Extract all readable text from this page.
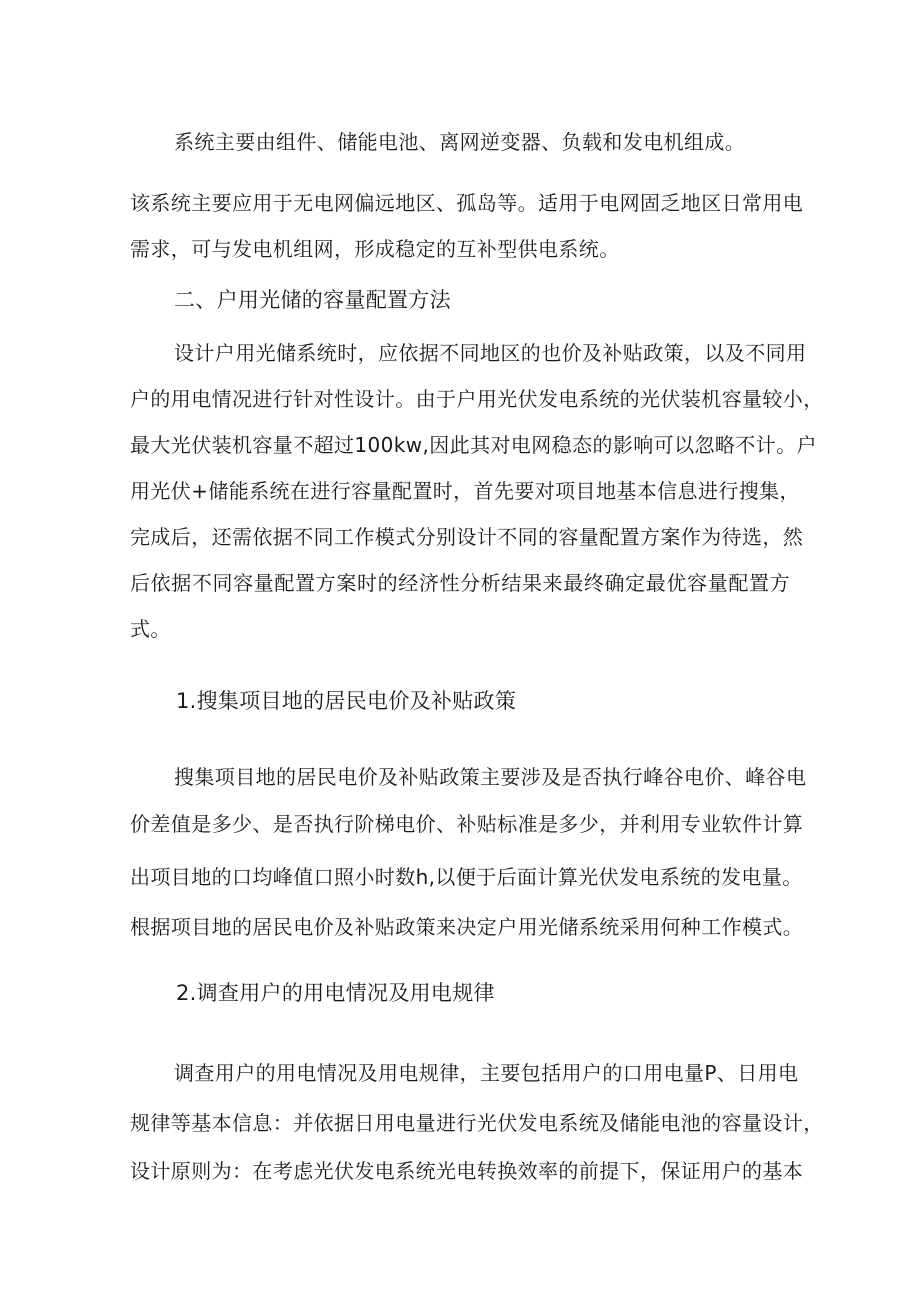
系统主要由组件、储能电池、离网逆变器、负载和发电机组成。
该系统主要应用于无电网偏远地区、孤岛等。适用于电网固乏地区日常用电
需求，可与发电机组网，形成稳定的互补型供电系统。
二、户用光储的容量配置方法
设计户用光储系统时，应依据不同地区的也价及补贴政策，以及不同用
户的用电情况进行针对性设计。由于户用光伏发电系统的光伏装机容量较小，
最大光伏装机容量不超过100kw,因此其对电网稳态的影响可以忽略不计。户
用光伏+储能系统在进行容量配置时，首先要对项目地基本信息进行搜集，
完成后，还需依据不同工作模式分别设计不同的容量配置方案作为待选，然
后依据不同容量配置方案时的经济性分析结果来最终确定最优容量配置方
式。
1.搜集项目地的居民电价及补贴政策
搜集项目地的居民电价及补贴政策主要涉及是否执行峰谷电价、峰谷电
价差值是多少、是否执行阶梯电价、补贴标准是多少，并利用专业软件计算
出项目地的口均峰值口照小时数h,以便于后面计算光伏发电系统的发电量。
根据项目地的居民电价及补贴政策来决定户用光储系统采用何种工作模式。
2.调查用户的用电情况及用电规律
调查用户的用电情况及用电规律，主要包括用户的口用电量P、日用电
规律等基本信息：并依据日用电量进行光伏发电系统及储能电池的容量设计，
设计原则为：在考虑光伏发电系统光电转换效率的前提下，保证用户的基本
